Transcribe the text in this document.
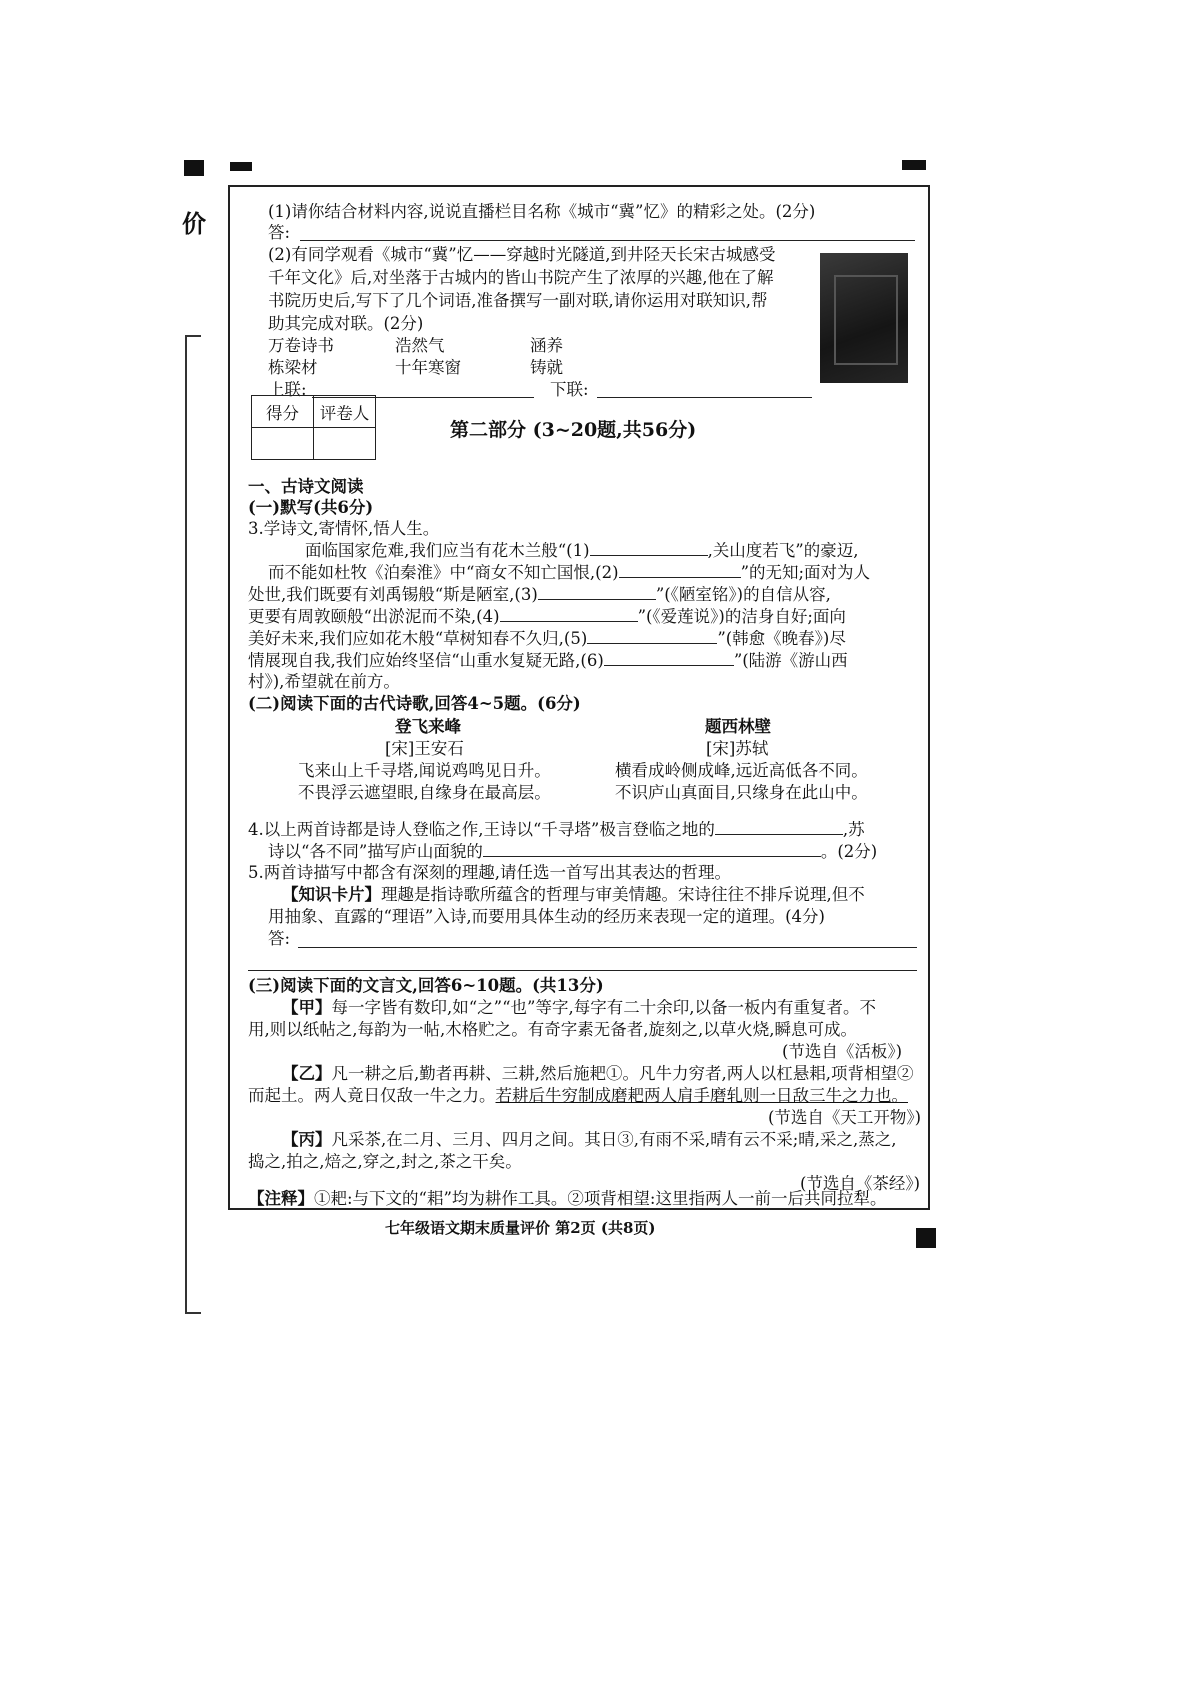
价	(1)请你结合材料内容,说说直播栏目名称《城市“冀”忆》的精彩之处。(2分)
答:
(2)有同学观看《城市“冀”忆——穿越时光隧道,到井陉天长宋古城感受
千年文化》后,对坐落于古城内的皆山书院产生了浓厚的兴趣,他在了解
书院历史后,写下了几个词语,准备撰写一副对联,请你运用对联知识,帮
助其完成对联。(2分)
万卷诗书	浩然气	涵养
栋梁材	十年寒窗	铸就
上联:	下联:
得分	评卷人

第二部分 (3~20题,共56分)
一、古诗文阅读
(一)默写(共6分)
3.学诗文,寄情怀,悟人生。
面临国家危难,我们应当有花木兰般“(1)	,关山度若飞”的豪迈,
而不能如杜牧《泊秦淮》中“商女不知亡国恨,(2)	”的无知;面对为人
处世,我们既要有刘禹锡般“斯是陋室,(3)	”(《陋室铭》)的自信从容,
更要有周敦颐般“出淤泥而不染,(4)	”(《爱莲说》)的洁身自好;面向
美好未来,我们应如花木般“草树知春不久归,(5)	”(韩愈《晚春》)尽
情展现自我,我们应始终坚信“山重水复疑无路,(6)	”(陆游《游山西
村》),希望就在前方。
(二)阅读下面的古代诗歌,回答4~5题。(6分)
登飞来峰
[宋]王安石
飞来山上千寻塔,闻说鸡鸣见日升。
不畏浮云遮望眼,自缘身在最高层。
题西林壁
[宋]苏轼
横看成岭侧成峰,远近高低各不同。
不识庐山真面目,只缘身在此山中。
4.以上两首诗都是诗人登临之作,王诗以“千寻塔”极言登临之地的	,苏
诗以“各不同”描写庐山面貌的	。(2分)
5.两首诗描写中都含有深刻的理趣,请任选一首写出其表达的哲理。
【知识卡片】理趣是指诗歌所蕴含的哲理与审美情趣。宋诗往往不排斥说理,但不
用抽象、直露的“理语”入诗,而要用具体生动的经历来表现一定的道理。(4分)
答:
(三)阅读下面的文言文,回答6~10题。(共13分)
【甲】每一字皆有数印,如“之”“也”等字,每字有二十余印,以备一板内有重复者。不
用,则以纸帖之,每韵为一帖,木格贮之。有奇字素无备者,旋刻之,以草火烧,瞬息可成。
(节选自《活板》)
【乙】凡一耕之后,勤者再耕、三耕,然后施耙①。凡牛力穷者,两人以杠悬耜,项背相望②
而起土。两人竟日仅敌一牛之力。若耕后牛穷制成磨耙两人肩手磨轧则一日敌三牛之力也。
(节选自《天工开物》)
【丙】凡采茶,在二月、三月、四月之间。其日③,有雨不采,晴有云不采;晴,采之,蒸之,
捣之,拍之,焙之,穿之,封之,茶之干矣。
(节选自《茶经》)
【注释】①耙:与下文的“耜”均为耕作工具。②项背相望:这里指两人一前一后共同拉犁。
七年级语文期末质量评价 第2页 (共8页)
